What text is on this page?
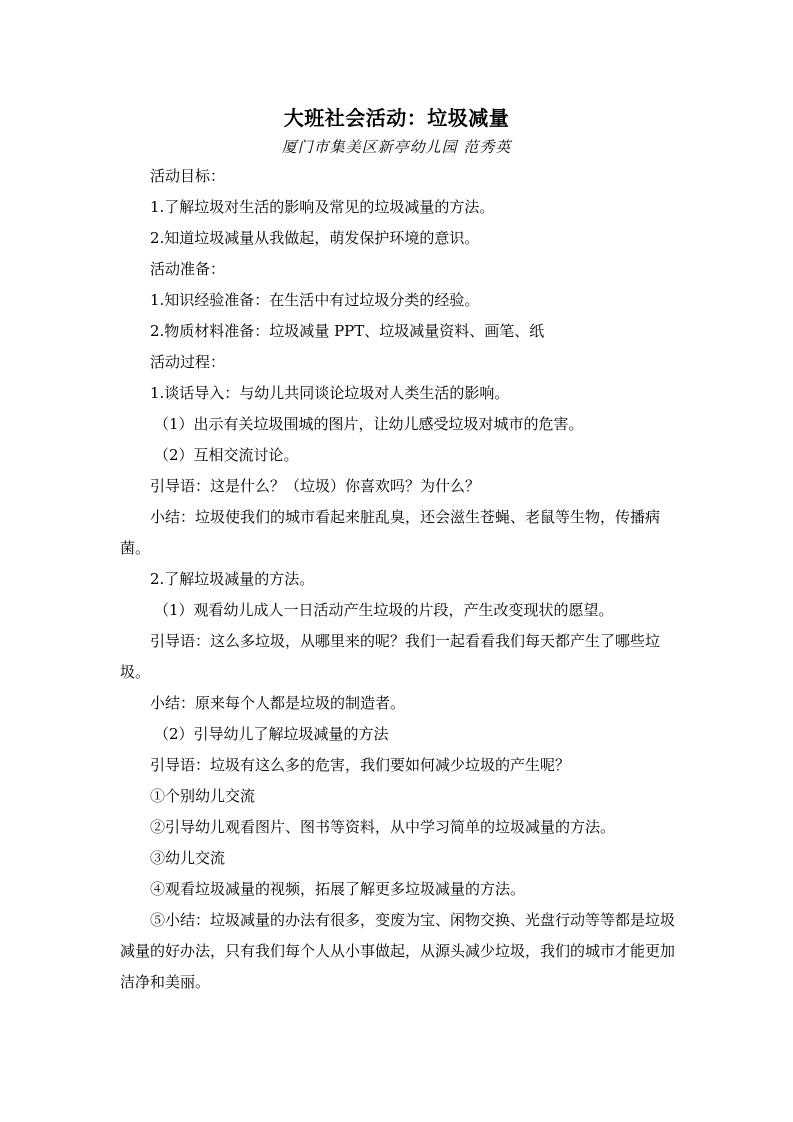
大班社会活动：垃圾减量
厦门市集美区新亭幼儿园 范秀英

活动目标：

1.了解垃圾对生活的影响及常见的垃圾减量的方法。

2.知道垃圾减量从我做起，萌发保护环境的意识。

活动准备：

1.知识经验准备：在生活中有过垃圾分类的经验。

2.物质材料准备：垃圾减量 PPT、垃圾减量资料、画笔、纸

活动过程：

1.谈话导入：与幼儿共同谈论垃圾对人类生活的影响。

（1）出示有关垃圾围城的图片，让幼儿感受垃圾对城市的危害。

（2）互相交流讨论。

引导语：这是什么？（垃圾）你喜欢吗？为什么？

小结：垃圾使我们的城市看起来脏乱臭，还会滋生苍蝇、老鼠等生物，传播病菌。

2.了解垃圾减量的方法。

（1）观看幼儿成人一日活动产生垃圾的片段，产生改变现状的愿望。

引导语：这么多垃圾，从哪里来的呢？我们一起看看我们每天都产生了哪些垃圾。

小结：原来每个人都是垃圾的制造者。

（2）引导幼儿了解垃圾减量的方法

引导语：垃圾有这么多的危害，我们要如何减少垃圾的产生呢？

①个别幼儿交流

②引导幼儿观看图片、图书等资料，从中学习简单的垃圾减量的方法。

③幼儿交流

④观看垃圾减量的视频，拓展了解更多垃圾减量的方法。

⑤小结：垃圾减量的办法有很多，变废为宝、闲物交换、光盘行动等等都是垃圾减量的好办法，只有我们每个人从小事做起，从源头减少垃圾，我们的城市才能更加洁净和美丽。
